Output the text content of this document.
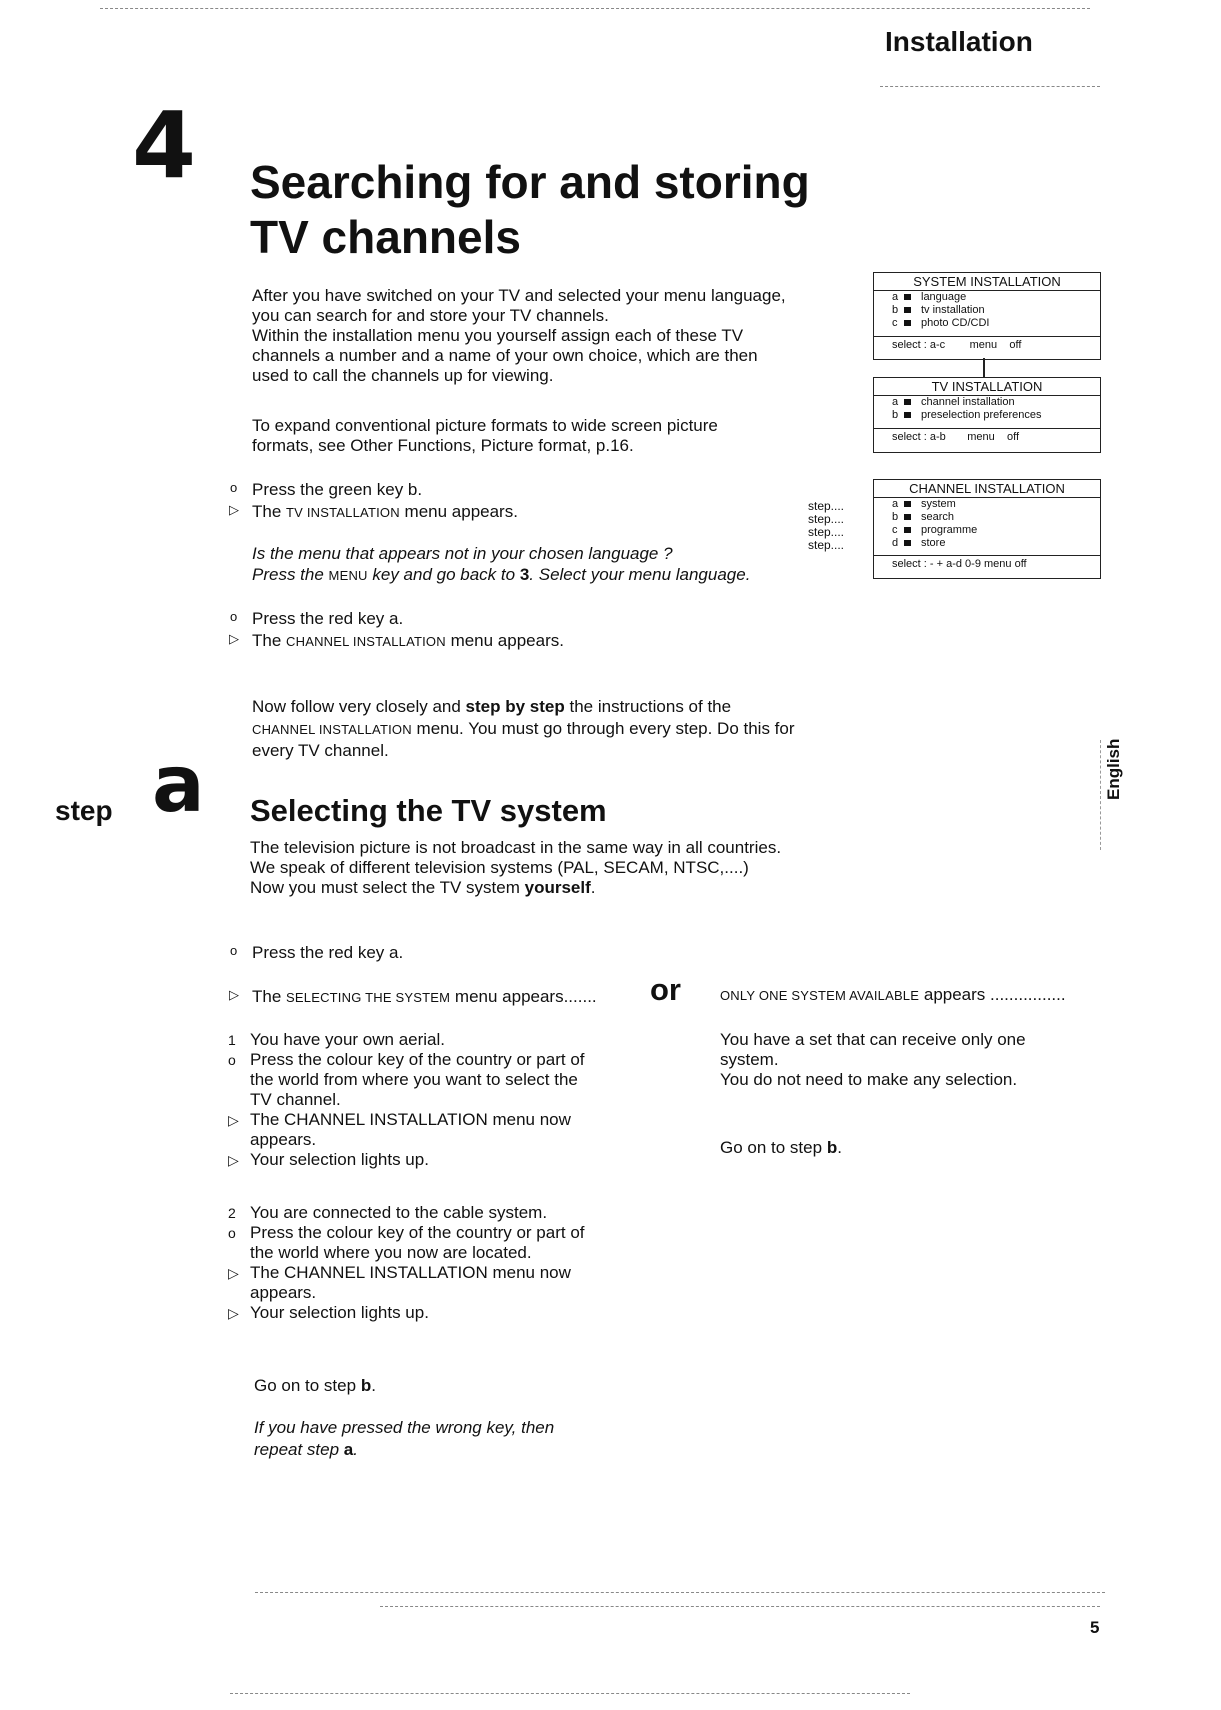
Installation
4 Searching for and storing
TV channels
After you have switched on your TV and selected your menu language,
you can search for and store your TV channels.
Within the installation menu you yourself assign each of these TV
channels a number and a name of your own choice, which are then
used to call the channels up for viewing.
To expand conventional picture formats to wide screen picture
formats, see Other Functions, Picture format, p.16.
o Press the green key b.
▷ The TV INSTALLATION menu appears.
Is the menu that appears not in your chosen language ?
Press the MENU key and go back to 3. Select your menu language.
step....
step....
step....
step....
o Press the red key a.
▷ The CHANNEL INSTALLATION menu appears.
Now follow very closely and step by step the instructions of the
CHANNEL INSTALLATION menu. You must go through every step. Do this for
every TV channel.
step a Selecting the TV system
The television picture is not broadcast in the same way in all countries.
We speak of different television systems (PAL, SECAM, NTSC,....)
Now you must select the TV system yourself.
o Press the red key a.
▷ The SELECTING THE SYSTEM menu appears....... or	ONLY ONE SYSTEM AVAILABLE appears ................
1 You have your own aerial.
o Press the colour key of the country or part of
the world from where you want to select the
TV channel.
▷ The CHANNEL INSTALLATION menu now
appears.
▷ Your selection lights up.
2 You are connected to the cable system.
o Press the colour key of the country or part of
the world where you now are located.
▷ The CHANNEL INSTALLATION menu now
appears.
▷ Your selection lights up.
You have a set that can receive only one
system.
You do not need to make any selection.
Go on to step b.
Go on to step b.
If you have pressed the wrong key, then
repeat step a.
SYSTEM INSTALLATION
a language
b tv installation
c photo CD/CDI
select : a-c menu off
TV INSTALLATION
a channel installation
b preselection preferences
select : a-b menu off
CHANNEL INSTALLATION
a system
b search
c programme
d store
select : - + a-d 0-9 menu off
English
5
